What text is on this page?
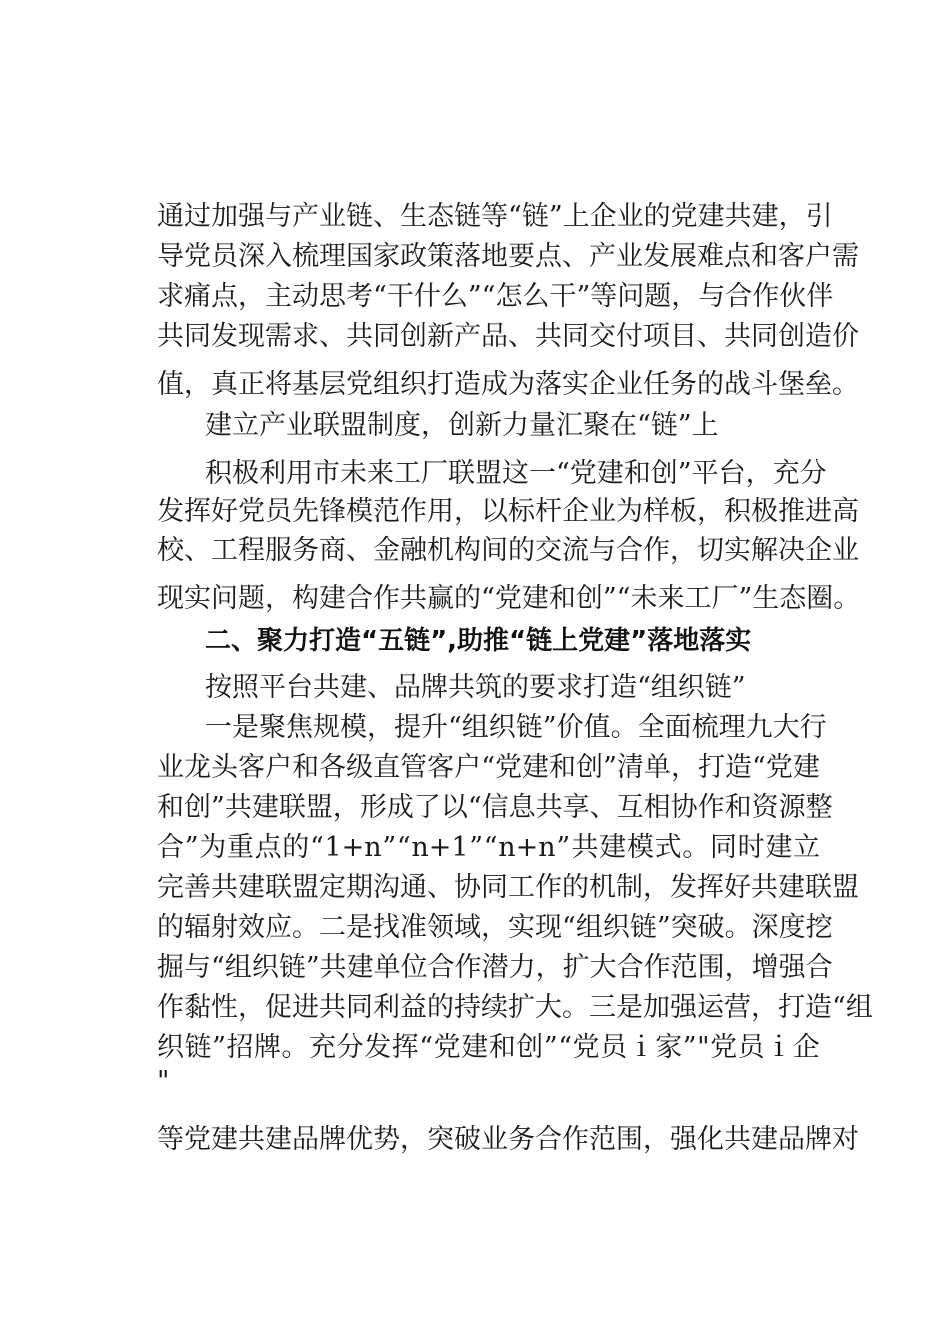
通 过 加 强 与 产 业 链 、 生 态 链 等 “ 链 ” 上 企 业 的 党 建 共 建 ， 引
导 党 员 深 入 梳 理 国 家 政 策 落 地 要 点 、 产 业 发 展 难 点 和 客 户 需
求 痛 点 ， 主 动 思 考 “ 干 什 么 ” “ 怎 么 干 ” 等 问 题 ， 与 合 作 伙 伴
共 同 发 现 需 求 、 共 同 创 新 产 品 、 共 同 交 付 项 目 、 共 同 创 造 价
值 ， 真 正 将 基 层 党 组 织 打 造 成 为 落 实 企 业 任 务 的 战 斗 堡 垒 。
建立产业联盟制度，创新力量汇聚在“链”上
积极利用市未来工厂联盟这一“党建和创”平台，充分
发 挥 好 党 员 先 锋 模 范 作 用 ， 以 标 杆 企 业 为 样 板 ， 积 极 推 进 高
校 、 工 程 服 务 商 、 金 融 机 构 间 的 交 流 与 合 作 ， 切 实 解 决 企 业
现 实 问 题 ， 构 建 合 作 共 赢 的 “ 党 建 和 创 ” “ 未 来 工 厂 ” 生 态 圈 。
二、聚力打造“五链”,助推“链上党建”落地落实
按照平台共建、品牌共筑的要求打造“组织链”
一是聚焦规模，提升“组织链”价值。全面梳理九大行
业 龙 头 客 户 和 各 级 直 管 客 户 “ 党 建 和 创 ” 清 单 ， 打 造 “ 党 建
和 创 ” 共 建 联 盟 ， 形 成 了 以 “ 信 息 共 享 、 互 相 协 作 和 资 源 整
合 ” 为 重 点 的 “ 1+n ” “ n+1 ” “ n+n ” 共 建 模 式 。 同 时 建 立
完 善 共 建 联 盟 定 期 沟 通 、 协 同 工 作 的 机 制 ， 发 挥 好 共 建 联 盟
的 辐 射 效 应 。 二 是 找 准 领 域 ， 实 现 “ 组 织 链 ” 突 破 。 深 度 挖
掘 与 “ 组 织 链 ” 共 建 单 位 合 作 潜 力 ， 扩 大 合 作 范 围 ， 增 强 合
作 黏 性 ， 促 进 共 同 利 益 的 持 续 扩 大 。 三 是 加 强 运 营 ， 打 造 “ 组
织 链 ” 招 牌 。 充 分 发 挥 “ 党 建 和 创 ” “ 党 员 ｉ 家 ” " 党 员 ｉ 企
"
等 党 建 共 建 品 牌 优 势 ， 突 破 业 务 合 作 范 围 ， 强 化 共 建 品 牌 对
